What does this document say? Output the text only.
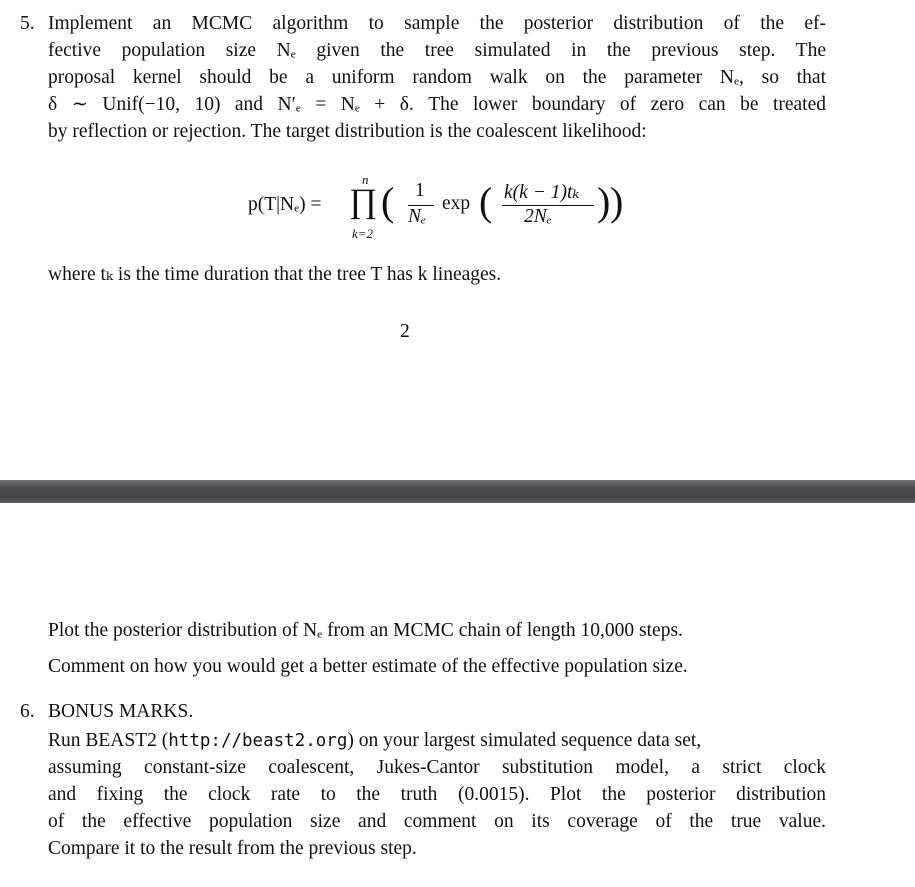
5. Implement an MCMC algorithm to sample the posterior distribution of the ef-
fective population size Nₑ given the tree simulated in the previous step. The
proposal kernel should be a uniform random walk on the parameter Nₑ, so that
δ ∼ Unif(−10, 10) and N′ₑ = Nₑ + δ. The lower boundary of zero can be treated
by reflection or rejection. The target distribution is the coalescent likelihood:
p(T|Nₑ) =
n
∏
k=2
( 1
Nₑ
exp ( k(k − 1)tₖ
2Nₑ ) )
where tₖ is the time duration that the tree T has k lineages.
2
Plot the posterior distribution of Nₑ from an MCMC chain of length 10,000 steps.
Comment on how you would get a better estimate of the effective population size.
6. BONUS MARKS.
Run BEAST2 (http://beast2.org) on your largest simulated sequence data set,
assuming constant-size coalescent, Jukes-Cantor substitution model, a strict clock
and fixing the clock rate to the truth (0.0015). Plot the posterior distribution
of the effective population size and comment on its coverage of the true value.
Compare it to the result from the previous step.
